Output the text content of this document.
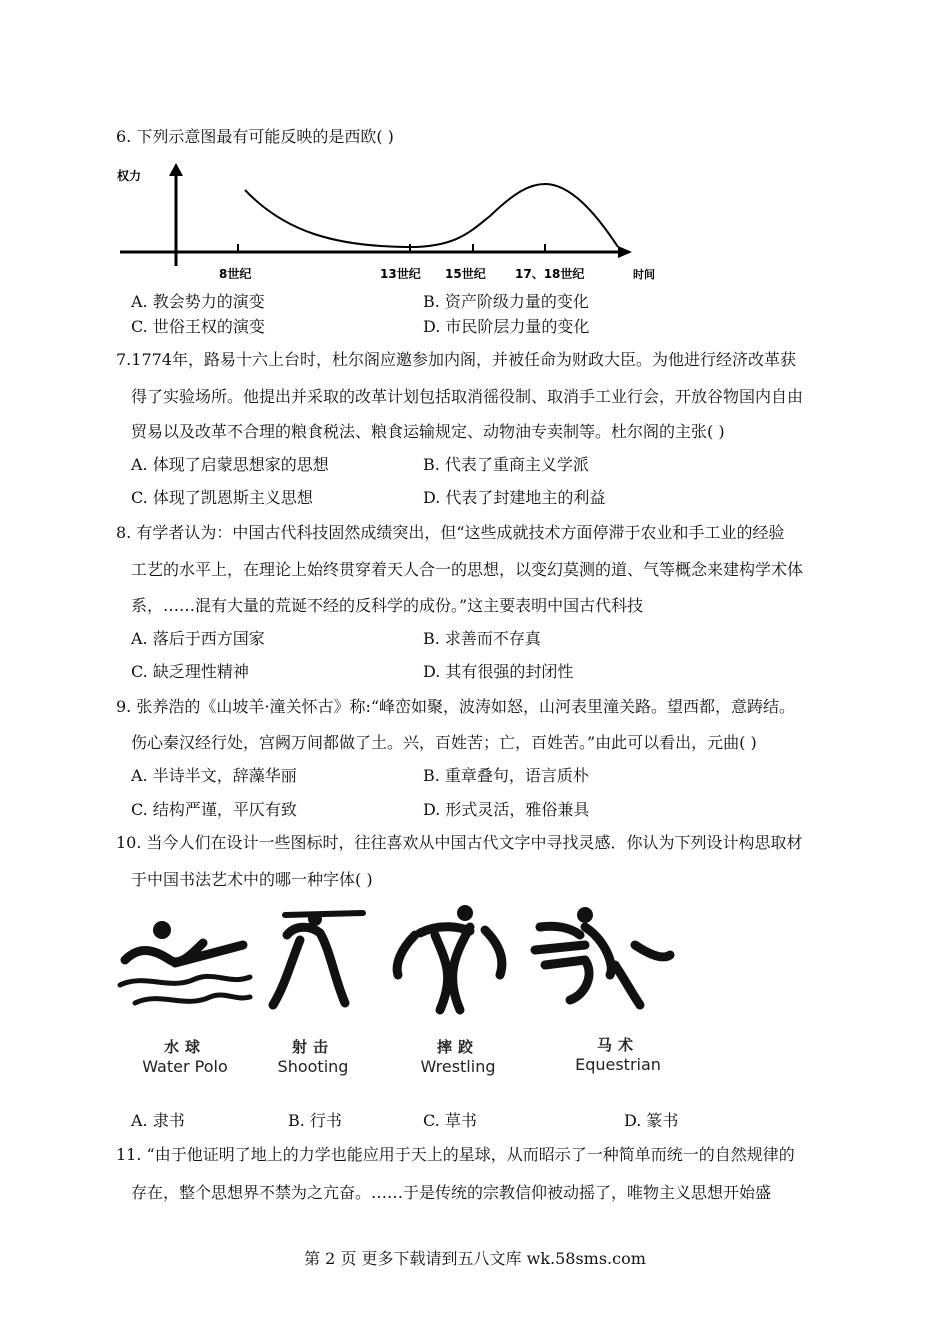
6. 下列示意图最有可能反映的是西欧( )
权力
8世纪	13世纪 15世纪 17、18世纪	时间
A. 教会势力的演变	B. 资产阶级力量的变化
C. 世俗王权的演变	D. 市民阶层力量的变化
7.1774年，路易十六上台时，杜尔阁应邀参加内阁，并被任命为财政大臣。为他进行经济改革获
得了实验场所。他提出并采取的改革计划包括取消徭役制、取消手工业行会，开放谷物国内自由
贸易以及改革不合理的粮食税法、粮食运输规定、动物油专卖制等。杜尔阁的主张( )
A. 体现了启蒙思想家的思想	B. 代表了重商主义学派
C. 体现了凯恩斯主义思想	D. 代表了封建地主的利益
8. 有学者认为：中国古代科技固然成绩突出，但“这些成就技术方面停滞于农业和手工业的经验
工艺的水平上，在理论上始终贯穿着天人合一的思想，以变幻莫测的道、气等概念来建构学术体
系，……混有大量的荒诞不经的反科学的成份。”这主要表明中国古代科技
A. 落后于西方国家	B. 求善而不存真
C. 缺乏理性精神	D. 其有很强的封闭性
9. 张养浩的《山坡羊·潼关怀古》称:“峰峦如聚，波涛如怒，山河表里潼关路。望西都，意踌结。
伤心秦汉经行处，宫阙万间都做了土。兴，百姓苦；亡，百姓苦。”由此可以看出，元曲( )
A. 半诗半文，辞藻华丽	B. 重章叠句，语言质朴
C. 结构严谨，平仄有致	D. 形式灵活，雅俗兼具
10. 当今人们在设计一些图标时，往往喜欢从中国古代文字中寻找灵感．你认为下列设计构思取材
于中国书法艺术中的哪一种字体( )
水球
Water Polo
射击
Shooting
摔跤
Wrestling
马术
Equestrian
A. 隶书	B. 行书	C. 草书	D. 篆书
11. “由于他证明了地上的力学也能应用于天上的星球，从而昭示了一种简单而统一的自然规律的
存在，整个思想界不禁为之亢奋。……于是传统的宗教信仰被动摇了，唯物主义思想开始盛
第 2 页 更多下载请到五八文库 wk.58sms.com
